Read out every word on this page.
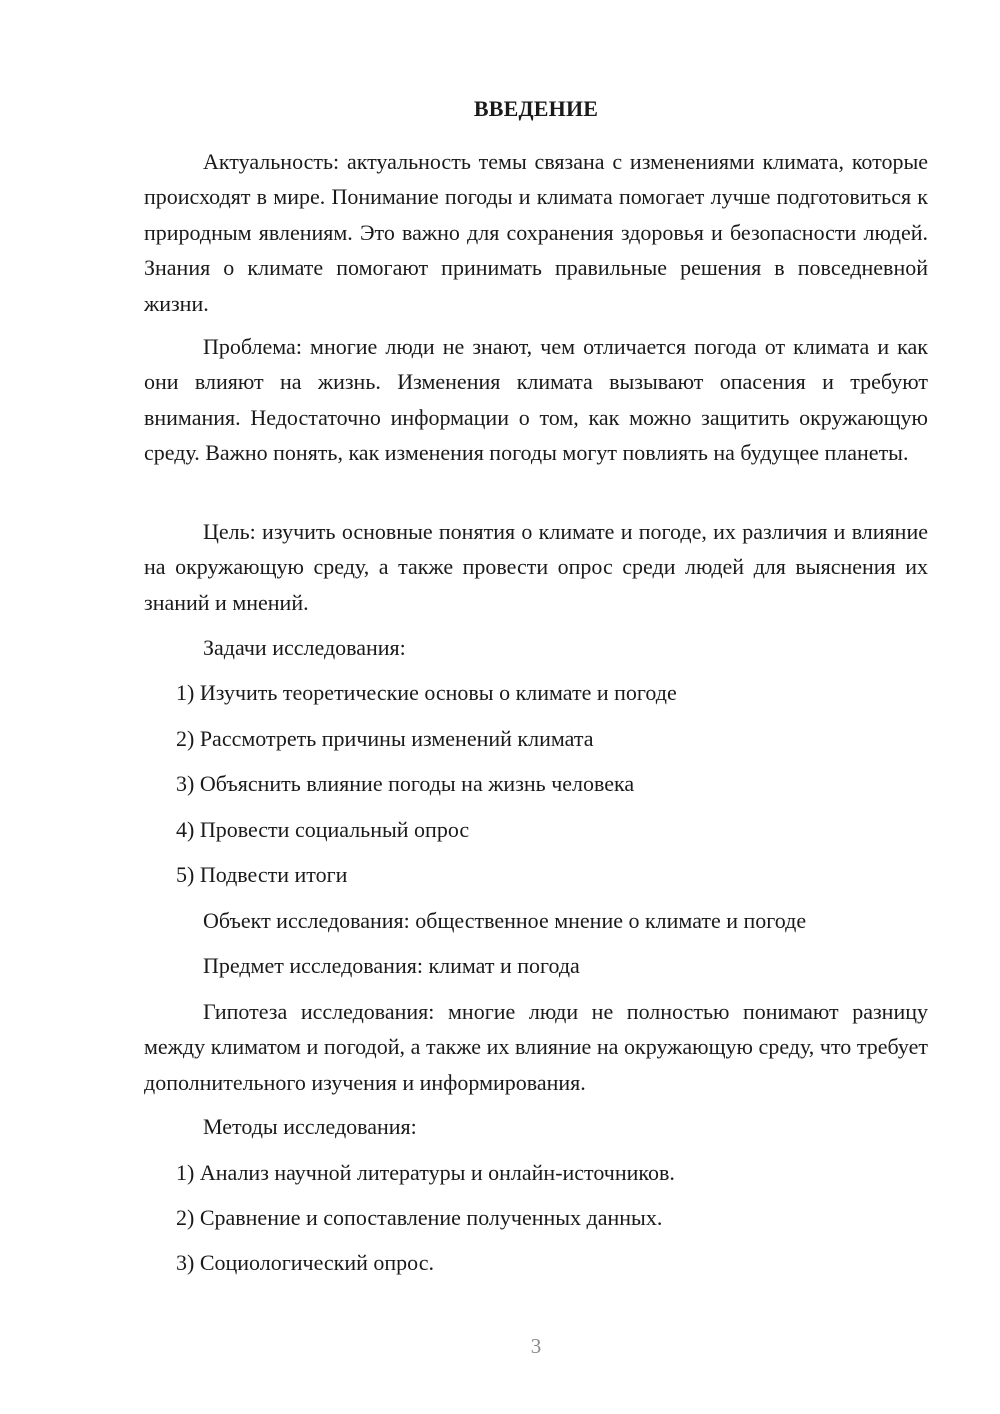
ВВЕДЕНИЕ

Актуальность: актуальность темы связана с изменениями климата, которые происходят в мире. Понимание погоды и климата помогает лучше подготовиться к природным явлениям. Это важно для сохранения здоровья и безопасности людей. Знания о климате помогают принимать правильные решения в повседневной жизни.

Проблема: многие люди не знают, чем отличается погода от климата и как они влияют на жизнь. Изменения климата вызывают опасения и требуют внимания. Недостаточно информации о том, как можно защитить окружающую среду. Важно понять, как изменения погоды могут повлиять на будущее планеты.

Цель: изучить основные понятия о климате и погоде, их различия и влияние на окружающую среду, а также провести опрос среди людей для выяснения их знаний и мнений.

Задачи исследования:

1) Изучить теоретические основы о климате и погоде

2) Рассмотреть причины изменений климата

3) Объяснить влияние погоды на жизнь человека

4) Провести социальный опрос

5) Подвести итоги

Объект исследования: общественное мнение о климате и погоде

Предмет исследования: климат и погода

Гипотеза исследования: многие люди не полностью понимают разницу между климатом и погодой, а также их влияние на окружающую среду, что требует дополнительного изучения и информирования.

Методы исследования:

1) Анализ научной литературы и онлайн-источников.

2) Сравнение и сопоставление полученных данных.

3) Социологический опрос.

3
